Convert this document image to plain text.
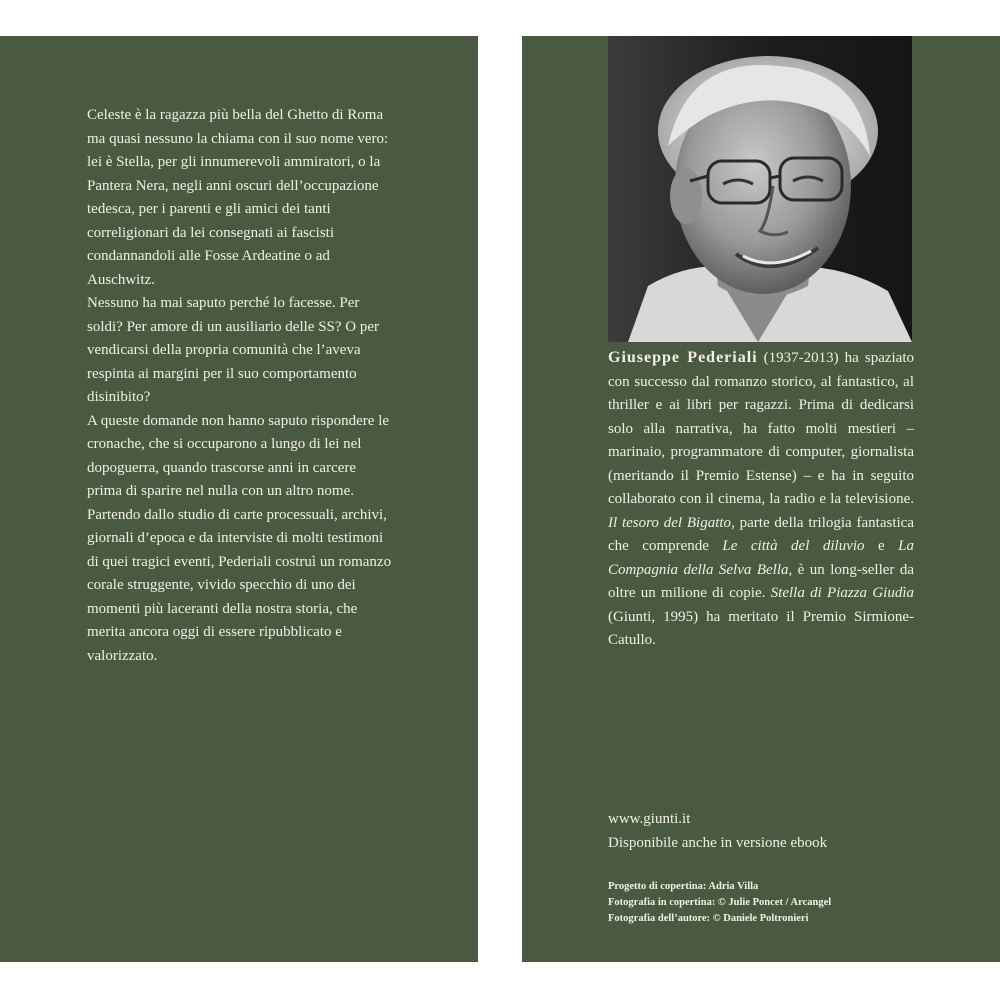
Celeste è la ragazza più bella del Ghetto di Roma ma quasi nessuno la chiama con il suo nome vero: lei è Stella, per gli innumerevoli ammiratori, o la Pantera Nera, negli anni oscuri dell’occupazione tedesca, per i parenti e gli amici dei tanti correligionari da lei consegnati ai fascisti condannandoli alle Fosse Ardeatine o ad Auschwitz.

Nessuno ha mai saputo perché lo facesse. Per soldi? Per amore di un ausiliario delle SS? O per vendicarsi della propria comunità che l’aveva respinta ai margini per il suo comportamento disinibito?

A queste domande non hanno saputo rispondere le cronache, che si occuparono a lungo di lei nel dopoguerra, quando trascorse anni in carcere prima di sparire nel nulla con un altro nome.

Partendo dallo studio di carte processuali, archivi, giornali d’epoca e da interviste di molti testimoni di quei tragici eventi, Pederiali costruì un romanzo corale struggente, vivido specchio di uno dei momenti più laceranti della nostra storia, che merita ancora oggi di essere ripubblicato e valorizzato.

Giuseppe Pederiali (1937-2013) ha spaziato con successo dal romanzo storico, al fantastico, al thriller e ai libri per ragazzi. Prima di dedicarsi solo alla narrativa, ha fatto molti mestieri – marinaio, programmatore di computer, giornalista (meritando il Premio Estense) – e ha in seguito collaborato con il cinema, la radio e la televisione. Il tesoro del Bigatto, parte della trilogia fantastica che comprende Le città del diluvio e La Compagnia della Selva Bella, è un long-seller da oltre un milione di copie. Stella di Piazza Giudìa (Giunti, 1995) ha meritato il Premio Sirmione-Catullo.
www.giunti.it
Disponibile anche in versione ebook
Progetto di copertina: Adria Villa
Fotografia in copertina: © Julie Poncet / Arcangel
Fotografia dell’autore: © Daniele Poltronieri
